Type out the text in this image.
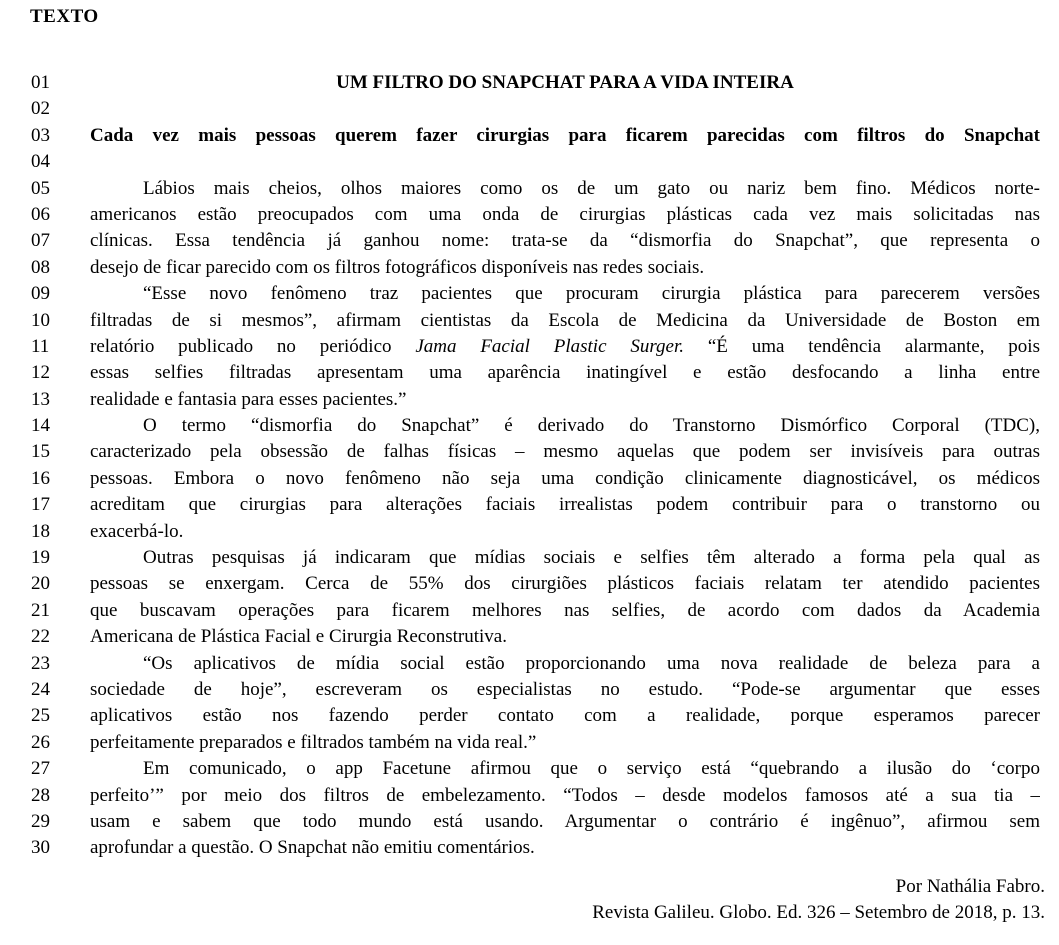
TEXTO
01	UM FILTRO DO SNAPCHAT PARA A VIDA INTEIRA
02
03	Cada vez mais pessoas querem fazer cirurgias para ficarem parecidas com filtros do Snapchat
04
05	Lábios mais cheios, olhos maiores como os de um gato ou nariz bem fino. Médicos norte-
06	americanos estão preocupados com uma onda de cirurgias plásticas cada vez mais solicitadas nas
07	clínicas. Essa tendência já ganhou nome: trata-se da “dismorfia do Snapchat”, que representa o
08	desejo de ficar parecido com os filtros fotográficos disponíveis nas redes sociais.
09	“Esse novo fenômeno traz pacientes que procuram cirurgia plástica para parecerem versões
10	filtradas de si mesmos”, afirmam cientistas da Escola de Medicina da Universidade de Boston em
11	relatório publicado no periódico Jama Facial Plastic Surger. “É uma tendência alarmante, pois
12	essas selfies filtradas apresentam uma aparência inatingível e estão desfocando a linha entre
13	realidade e fantasia para esses pacientes.”
14	O termo “dismorfia do Snapchat” é derivado do Transtorno Dismórfico Corporal (TDC),
15	caracterizado pela obsessão de falhas físicas – mesmo aquelas que podem ser invisíveis para outras
16	pessoas. Embora o novo fenômeno não seja uma condição clinicamente diagnosticável, os médicos
17	acreditam que cirurgias para alterações faciais irrealistas podem contribuir para o transtorno ou
18	exacerbá-lo.
19	Outras pesquisas já indicaram que mídias sociais e selfies têm alterado a forma pela qual as
20	pessoas se enxergam. Cerca de 55% dos cirurgiões plásticos faciais relatam ter atendido pacientes
21	que buscavam operações para ficarem melhores nas selfies, de acordo com dados da Academia
22	Americana de Plástica Facial e Cirurgia Reconstrutiva.
23	“Os aplicativos de mídia social estão proporcionando uma nova realidade de beleza para a
24	sociedade de hoje”, escreveram os especialistas no estudo. “Pode-se argumentar que esses
25	aplicativos estão nos fazendo perder contato com a realidade, porque esperamos parecer
26	perfeitamente preparados e filtrados também na vida real.”
27	Em comunicado, o app Facetune afirmou que o serviço está “quebrando a ilusão do ‘corpo
28	perfeito’” por meio dos filtros de embelezamento. “Todos – desde modelos famosos até a sua tia –
29	usam e sabem que todo mundo está usando. Argumentar o contrário é ingênuo”, afirmou sem
30	aprofundar a questão. O Snapchat não emitiu comentários.
Por Nathália Fabro.
Revista Galileu. Globo. Ed. 326 – Setembro de 2018, p. 13.
